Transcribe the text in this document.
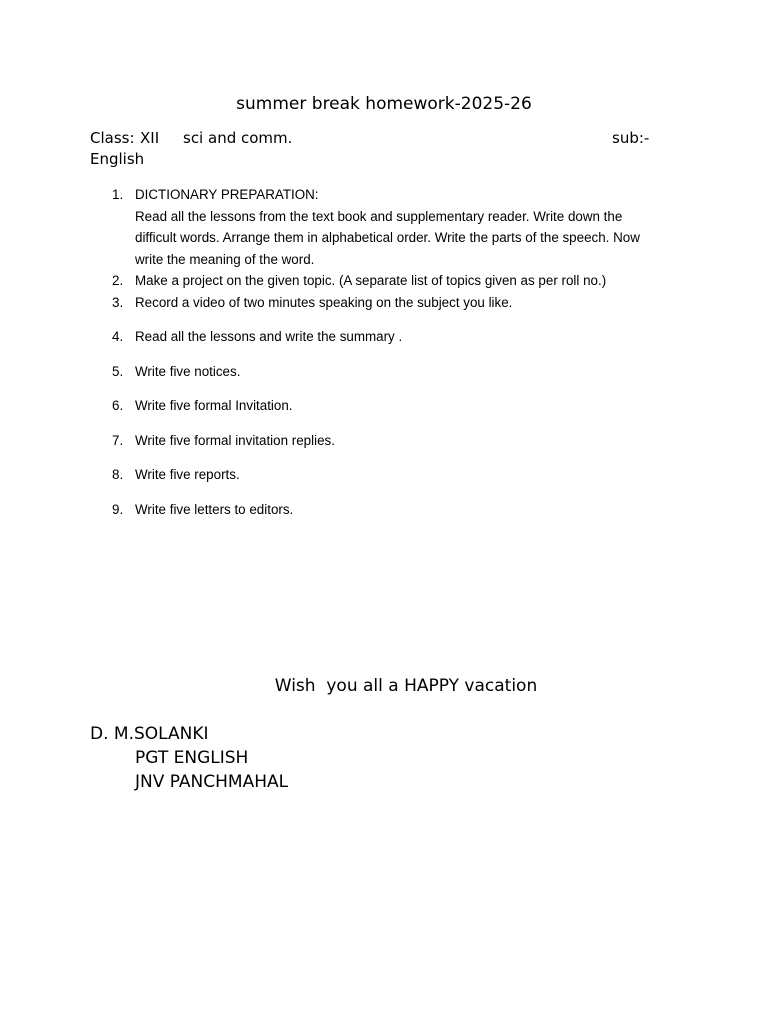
summer break homework-2025-26
Class: XII sci and comm.	sub:-
English
1. DICTIONARY PREPARATION:
Read all the lessons from the text book and supplementary reader. Write down the
difficult words. Arrange them in alphabetical order. Write the parts of the speech. Now
write the meaning of the word.
2. Make a project on the given topic. (A separate list of topics given as per roll no.)
3. Record a video of two minutes speaking on the subject you like.
4. Read all the lessons and write the summary .
5. Write five notices.
6. Write five formal Invitation.
7. Write five formal invitation replies.
8. Write five reports.
9. Write five letters to editors.
Wish  you all a HAPPY vacation
D. M.SOLANKI
PGT ENGLISH
JNV PANCHMAHAL
